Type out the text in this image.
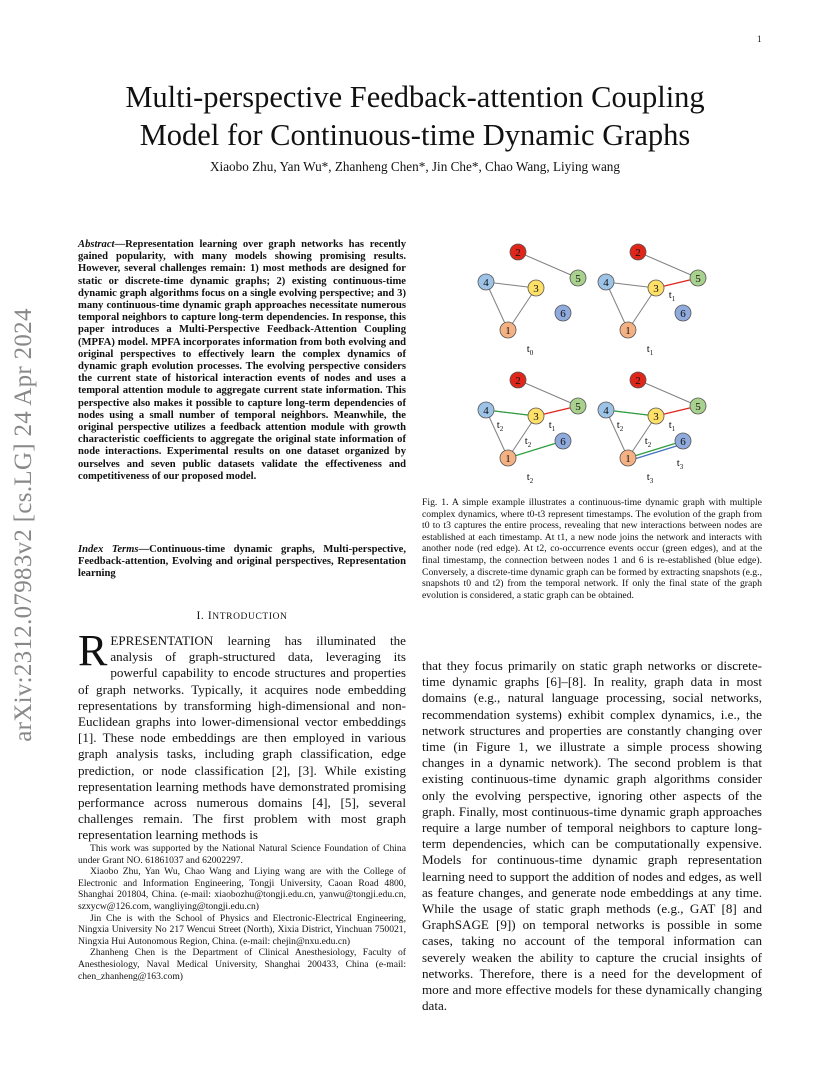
1
arXiv:2312.07983v2 [cs.LG] 24 Apr 2024
Multi-perspective Feedback-attention Coupling
Model for Continuous-time Dynamic Graphs
Xiaobo Zhu, Yan Wu*, Zhanheng Chen*, Jin Che*, Chao Wang, Liying wang
Abstract—Representation learning over graph networks has recently gained popularity, with many models showing promising results. However, several challenges remain: 1) most methods are designed for static or discrete-time dynamic graphs; 2) existing continuous-time dynamic graph algorithms focus on a single evolving perspective; and 3) many continuous-time dynamic graph approaches necessitate numerous temporal neighbors to capture long-term dependencies. In response, this paper introduces a Multi-Perspective Feedback-Attention Coupling (MPFA) model. MPFA incorporates information from both evolving and original perspectives to effectively learn the complex dynamics of dynamic graph evolution processes. The evolving perspective considers the current state of historical interaction events of nodes and uses a temporal attention module to aggregate current state information. This perspective also makes it possible to capture long-term dependencies of nodes using a small number of temporal neighbors. Meanwhile, the original perspective utilizes a feedback attention module with growth characteristic coefficients to aggregate the original state information of node interactions. Experimental results on one dataset organized by ourselves and seven public datasets validate the effectiveness and competitiveness of our proposed model.
Index Terms—Continuous-time dynamic graphs, Multi-perspective, Feedback-attention, Evolving and original perspectives, Representation learning
I. INTRODUCTION
REPRESENTATION learning has illuminated the analysis of graph-structured data, leveraging its powerful capability to encode structures and properties of graph networks. Typically, it acquires node embedding representations by transforming high-dimensional and non-Euclidean graphs into lower-dimensional vector embeddings [1]. These node embeddings are then employed in various graph analysis tasks, including graph classification, edge prediction, or node classification [2], [3]. While existing representation learning methods have demonstrated promising performance across numerous domains [4], [5], several challenges remain. The first problem with most graph representation learning methods is

This work was supported by the National Natural Science Foundation of China under Grant NO. 61861037 and 62002297.

Xiaobo Zhu, Yan Wu, Chao Wang and Liying wang are with the College of Electronic and Information Engineering, Tongji University, Caoan Road 4800, Shanghai 201804, China. (e-mail: xiaobozhu@tongji.edu.cn, yanwu@tongji.edu.cn, szxycw@126.com, wangliying@tongji.edu.cn)

Jin Che is with the School of Physics and Electronic-Electrical Engineering, Ningxia University No 217 Wencui Street (North), Xixia District, Yinchuan 750021, Ningxia Hui Autonomous Region, China. (e-mail: chejin@nxu.edu.cn)

Zhanheng Chen is the Department of Clinical Anesthesiology, Faculty of Anesthesiology, Naval Medical University, Shanghai 200433, China (e-mail: chen_zhanheng@163.com)

1
2
3
4	5
6
$t_0$
1
2
3
4	5
6
$t_1$
$t_1$
1
2
3
4	5
6
$t_2$	$t_1$
$t_2$
$t_2$
1
2
3
4	5
6
$t_2$	$t_1$
$t_2$
$t_3$
$t_3$
Fig. 1. A simple example illustrates a continuous-time dynamic graph with multiple complex dynamics, where t0-t3 represent timestamps. The evolution of the graph from t0 to t3 captures the entire process, revealing that new interactions between nodes are established at each timestamp. At t1, a new node joins the network and interacts with another node (red edge). At t2, co-occurrence events occur (green edges), and at the final timestamp, the connection between nodes 1 and 6 is re-established (blue edge). Conversely, a discrete-time dynamic graph can be formed by extracting snapshots (e.g., snapshots t0 and t2) from the temporal network. If only the final state of the graph evolution is considered, a static graph can be obtained.
that they focus primarily on static graph networks or discrete-time dynamic graphs [6]–[8]. In reality, graph data in most domains (e.g., natural language processing, social networks, recommendation systems) exhibit complex dynamics, i.e., the network structures and properties are constantly changing over time (in Figure 1, we illustrate a simple process showing changes in a dynamic network). The second problem is that existing continuous-time dynamic graph algorithms consider only the evolving perspective, ignoring other aspects of the graph. Finally, most continuous-time dynamic graph approaches require a large number of temporal neighbors to capture long-term dependencies, which can be computationally expensive. Models for continuous-time dynamic graph representation learning need to support the addition of nodes and edges, as well as feature changes, and generate node embeddings at any time. While the usage of static graph methods (e.g., GAT [8] and GraphSAGE [9]) on temporal networks is possible in some cases, taking no account of the temporal information can severely weaken the ability to capture the crucial insights of networks. Therefore, there is a need for the development of more and more effective models for these dynamically changing data.
